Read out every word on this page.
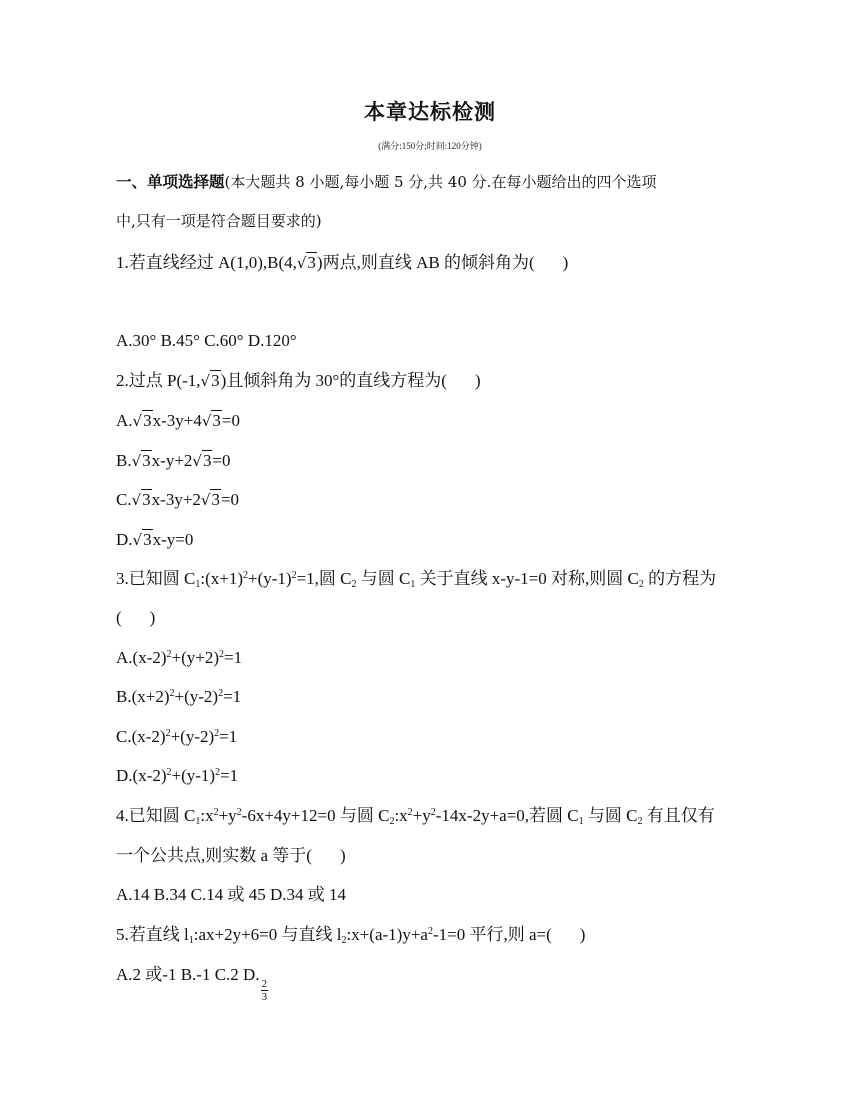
本章达标检测
(满分:150分;时间:120分钟)
一、单项选择题(本大题共 8 小题,每小题 5 分,共 40 分.在每小题给出的四个选项
中,只有一项是符合题目要求的)
1.若直线经过 A(1,0),B(4,√3)两点,则直线 AB 的倾斜角为( )
A.30° B.45° C.60° D.120°
2.过点 P(-1,√3)且倾斜角为 30°的直线方程为( )
A.√3x-3y+4√3=0
B.√3x-y+2√3=0
C.√3x-3y+2√3=0
D.√3x-y=0
3.已知圆 $C_1:(x+1)^2+(y-1)^2=1$,圆 $C_2$ 与圆 $C_1$ 关于直线 x-y-1=0 对称,则圆 $C_2$ 的方程为
( )
$A.(x-2)^2+(y+2)^2=1$
$B.(x+2)^2+(y-2)^2=1$
$C.(x-2)^2+(y-2)^2=1$
$D.(x-2)^2+(y-1)^2=1$
4.已知圆 $C_1:x^2+y^2-6x+4y+12=0$ 与圆 $C_2:x^2+y^2-14x-2y+a=0$,若圆 $C_1$ 与圆 $C_2$ 有且仅有
一个公共点,则实数 a 等于( )
A.14 B.34 C.14 或 45 D.34 或 14
5.若直线 $l_1:ax+2y+6=0$ 与直线 $l_2:x+(a-1)y+a^2-1=0$ 平行,则 a=( )
A.2 或-1 B.-1 C.2 D.
$\frac{2}{3}$
